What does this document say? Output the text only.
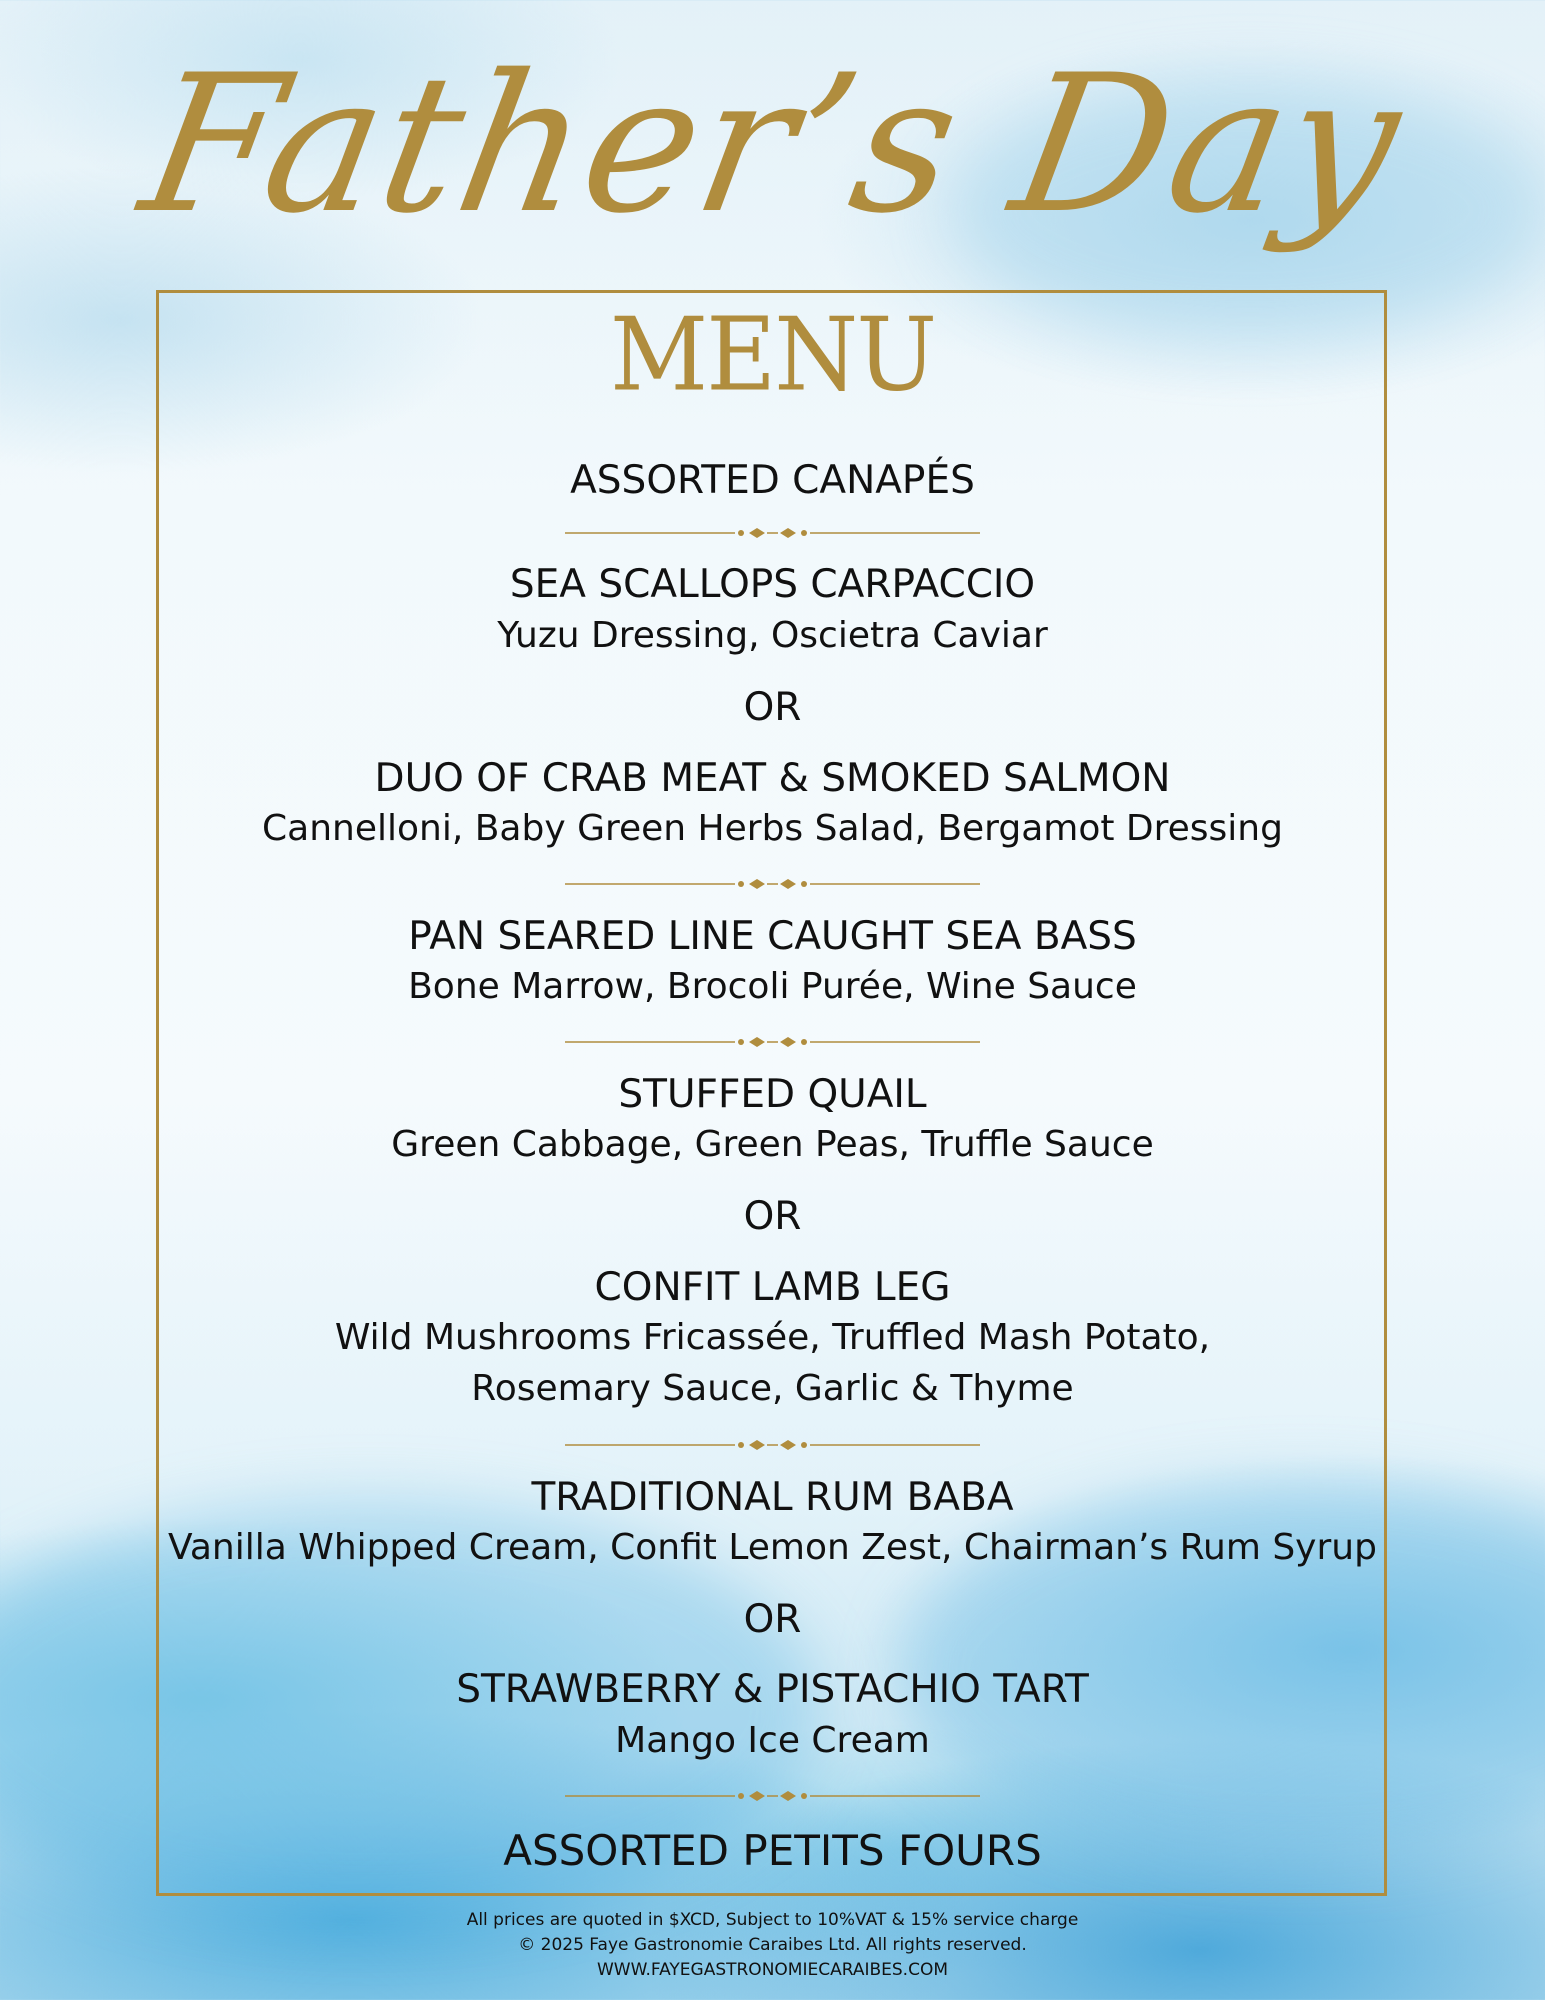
Father’s Day
MENU
ASSORTED CANAPÉS
SEA SCALLOPS CARPACCIO
Yuzu Dressing, Oscietra Caviar
OR
DUO OF CRAB MEAT & SMOKED SALMON
Cannelloni, Baby Green Herbs Salad, Bergamot Dressing
PAN SEARED LINE CAUGHT SEA BASS
Bone Marrow, Brocoli Purée, Wine Sauce
STUFFED QUAIL
Green Cabbage, Green Peas, Truffle Sauce
OR
CONFIT LAMB LEG
Wild Mushrooms Fricassée, Truffled Mash Potato,
Rosemary Sauce, Garlic & Thyme
TRADITIONAL RUM BABA
Vanilla Whipped Cream, Confit Lemon Zest, Chairman’s Rum Syrup
OR
STRAWBERRY & PISTACHIO TART
Mango Ice Cream
ASSORTED PETITS FOURS
All prices are quoted in $XCD, Subject to 10%VAT & 15% service charge
© 2025 Faye Gastronomie Caraibes Ltd. All rights reserved.
WWW.FAYEGASTRONOMIECARAIBES.COM
